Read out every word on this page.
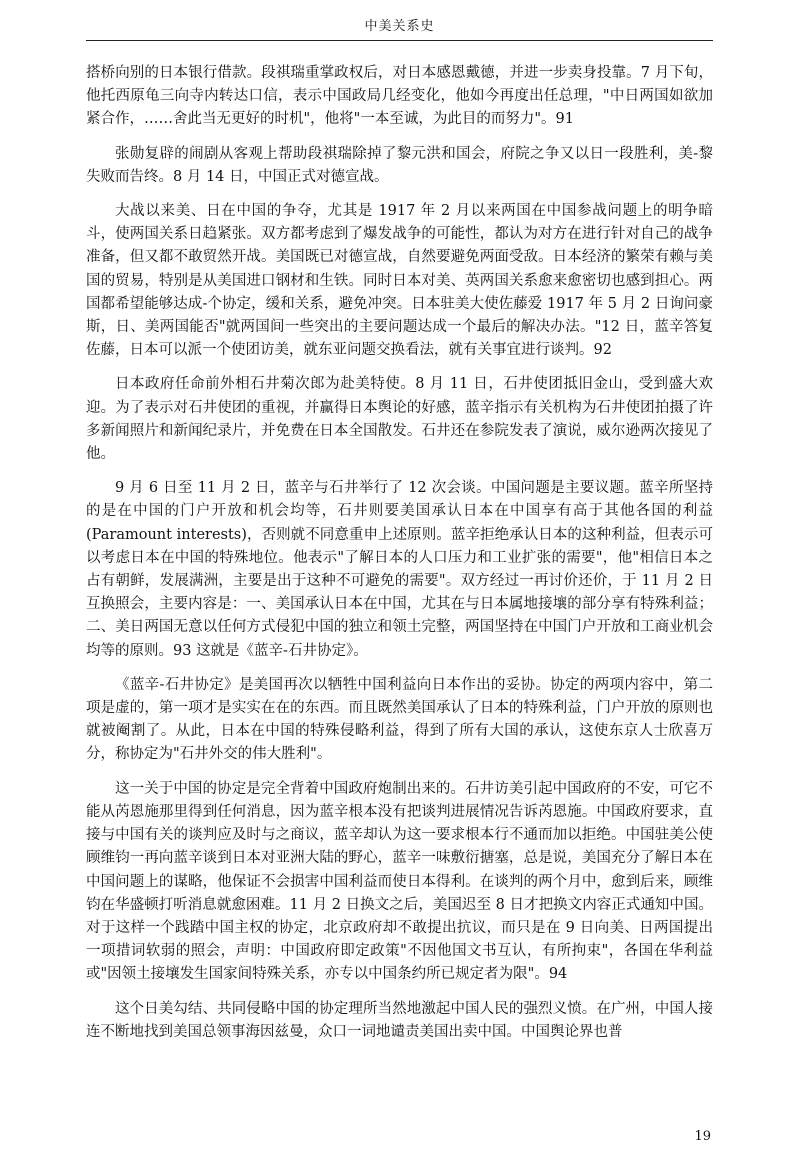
中美关系史

搭桥向别的日本银行借款。段祺瑞重掌政权后，对日本感恩戴德，并进一步卖身投靠。7 月下旬，他托西原龟三向寺内转达口信，表示中国政局几经变化，他如今再度出任总理，"中日两国如欲加紧合作，……舍此当无更好的时机"，他将"一本至诚，为此目的而努力"。91

张勋复辟的闹剧从客观上帮助段祺瑞除掉了黎元洪和国会，府院之争又以日一段胜利，美-黎失败而告终。8 月 14 日，中国正式对德宣战。

大战以来美、日在中国的争夺，尤其是 1917 年 2 月以来两国在中国参战问题上的明争暗斗，使两国关系日趋紧张。双方都考虑到了爆发战争的可能性，都认为对方在进行针对自己的战争准备，但又都不敢贸然开战。美国既已对德宣战，自然要避免两面受敌。日本经济的繁荣有赖与美国的贸易，特别是从美国进口钢材和生铁。同时日本对美、英两国关系愈来愈密切也感到担心。两国都希望能够达成-个协定，缓和关系，避免冲突。日本驻美大使佐藤爱 1917 年 5 月 2 日询问豪斯，日、美两国能否"就两国间一些突出的主要问题达成一个最后的解决办法。"12 日，蓝辛答复佐藤，日本可以派一个使团访美，就东亚问题交换看法，就有关事宜进行谈判。92

日本政府任命前外相石井菊次郎为赴美特使。8 月 11 日，石井使团抵旧金山，受到盛大欢迎。为了表示对石井使团的重视，并赢得日本舆论的好感，蓝辛指示有关机构为石井使团拍摄了许多新闻照片和新闻纪录片，并免费在日本全国散发。石井还在参院发表了演说，威尔逊两次接见了他。

9 月 6 日至 11 月 2 日，蓝辛与石井举行了 12 次会谈。中国问题是主要议题。蓝辛所坚持的是在中国的门户开放和机会均等，石井则要美国承认日本在中国享有高于其他各国的利益(Paramount interests)，否则就不同意重申上述原则。蓝辛拒绝承认日本的这种利益，但表示可以考虑日本在中国的特殊地位。他表示"了解日本的人口压力和工业扩张的需要"，他"相信日本之占有朝鲜，发展满洲，主要是出于这种不可避免的需要"。双方经过一再讨价还价，于 11 月 2 日互换照会，主要内容是：一、美国承认日本在中国，尤其在与日本属地接壤的部分享有特殊利益；二、美日两国无意以任何方式侵犯中国的独立和领土完整，两国坚持在中国门户开放和工商业机会均等的原则。93 这就是《蓝辛-石井协定》。

《蓝辛-石井协定》是美国再次以牺牲中国利益向日本作出的妥协。协定的两项内容中，第二项是虚的，第一项才是实实在在的东西。而且既然美国承认了日本的特殊利益，门户开放的原则也就被阉割了。从此，日本在中国的特殊侵略利益，得到了所有大国的承认，这使东京人士欣喜万分，称协定为"石井外交的伟大胜利"。

这一关于中国的协定是完全背着中国政府炮制出来的。石井访美引起中国政府的不安，可它不能从芮恩施那里得到任何消息，因为蓝辛根本没有把谈判进展情况告诉芮恩施。中国政府要求，直接与中国有关的谈判应及时与之商议，蓝辛却认为这一要求根本行不通而加以拒绝。中国驻美公使顾维钧一再向蓝辛谈到日本对亚洲大陆的野心，蓝辛一味敷衍搪塞，总是说，美国充分了解日本在中国问题上的谋略，他保证不会损害中国利益而使日本得利。在谈判的两个月中，愈到后来，顾维钧在华盛顿打听消息就愈困难。11 月 2 日换文之后，美国迟至 8 日才把换文内容正式通知中国。对于这样一个践踏中国主权的协定，北京政府却不敢提出抗议，而只是在 9 日向美、日两国提出一项措词软弱的照会，声明：中国政府即定政策"不因他国文书互认，有所拘束"，各国在华利益或"因领土接壤发生国家间特殊关系，亦专以中国条约所已规定者为限"。94

这个日美勾结、共同侵略中国的协定理所当然地激起中国人民的强烈义愤。在广州，中国人接连不断地找到美国总领事海因兹曼，众口一词地谴责美国出卖中国。中国舆论界也普

19
